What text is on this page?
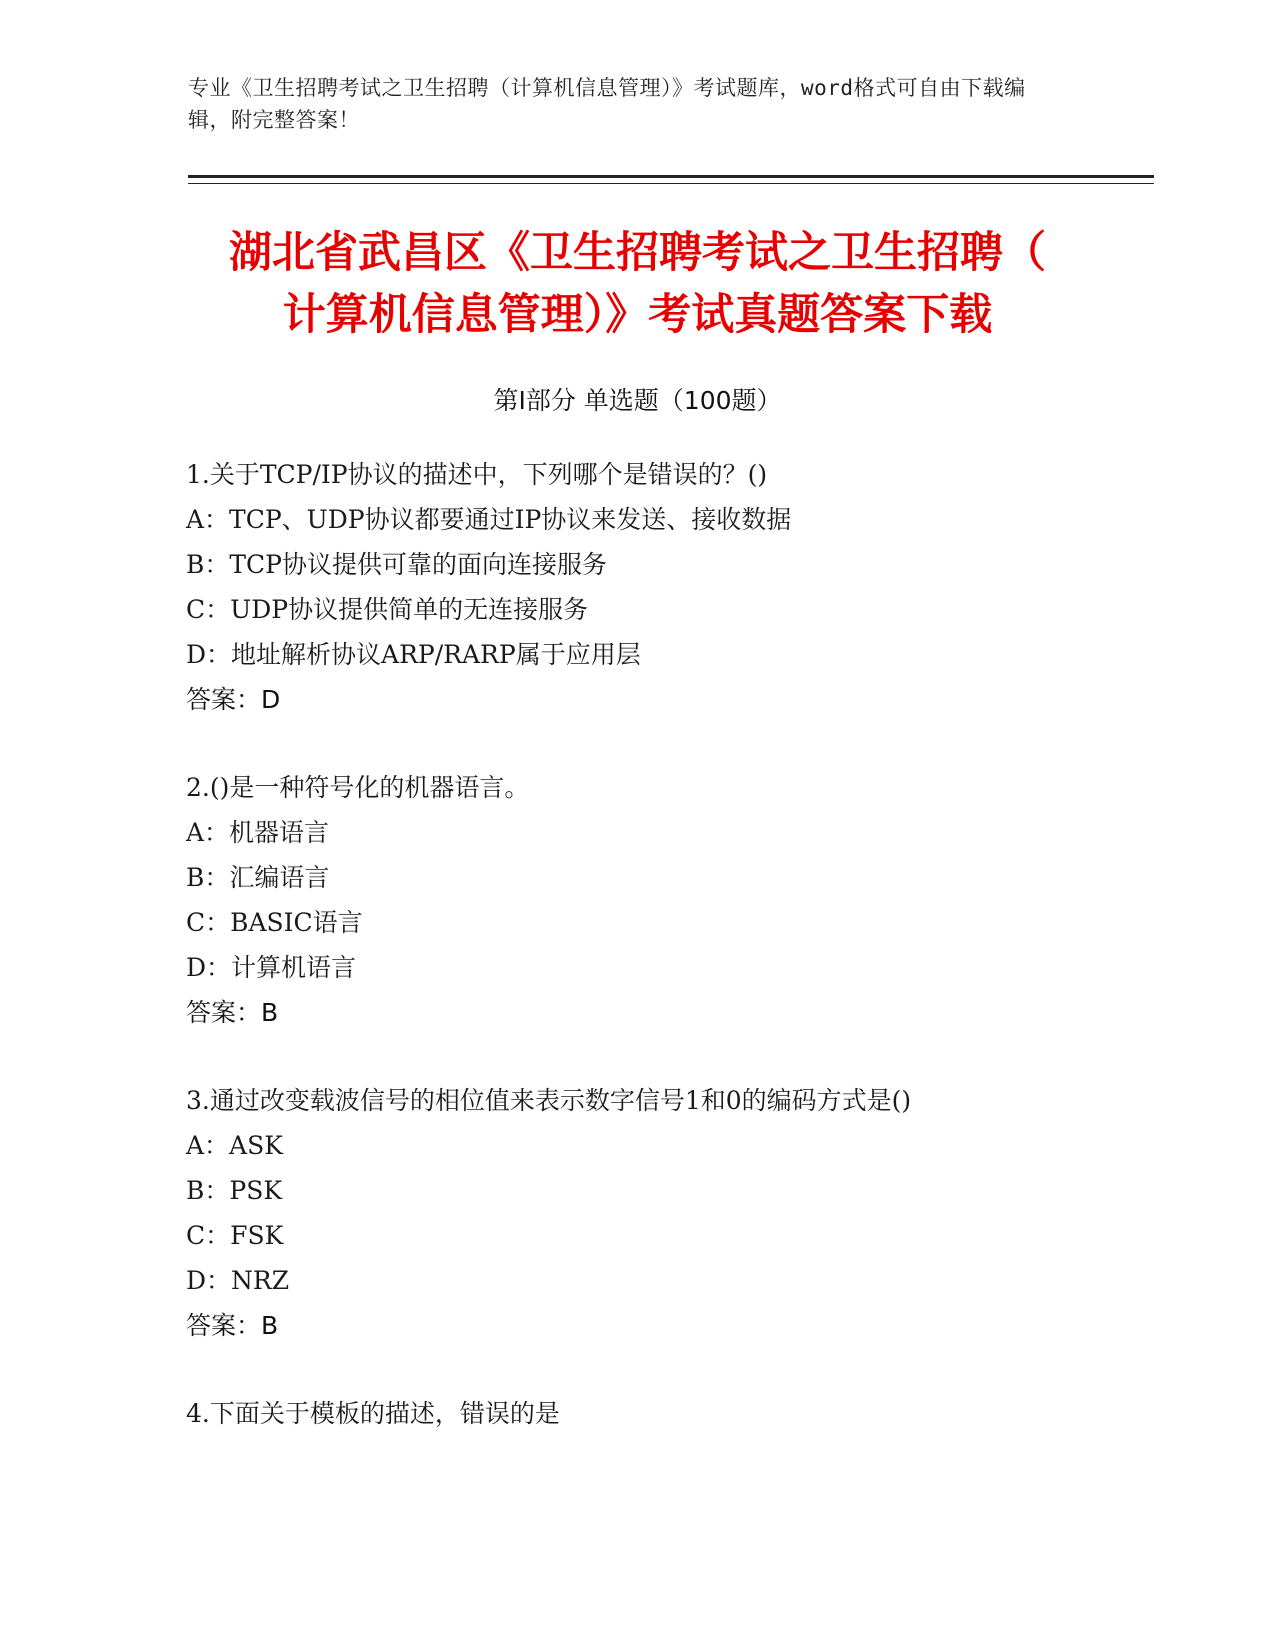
专业《卫生招聘考试之卫生招聘（计算机信息管理）》考试题库，word格式可自由下载编辑，附完整答案！
湖北省武昌区《卫生招聘考试之卫生招聘（
计算机信息管理）》考试真题答案下载
第Ⅰ部分 单选题（100题）
1.关于TCP/IP协议的描述中，下列哪个是错误的？()
A：TCP、UDP协议都要通过IP协议来发送、接收数据
B：TCP协议提供可靠的面向连接服务
C：UDP协议提供简单的无连接服务
D：地址解析协议ARP/RARP属于应用层
答案：D
2.()是一种符号化的机器语言。
A：机器语言
B：汇编语言
C：BASIC语言
D：计算机语言
答案：B
3.通过改变载波信号的相位值来表示数字信号1和0的编码方式是()
A：ASK
B：PSK
C：FSK
D：NRZ
答案：B
4.下面关于模板的描述，错误的是
